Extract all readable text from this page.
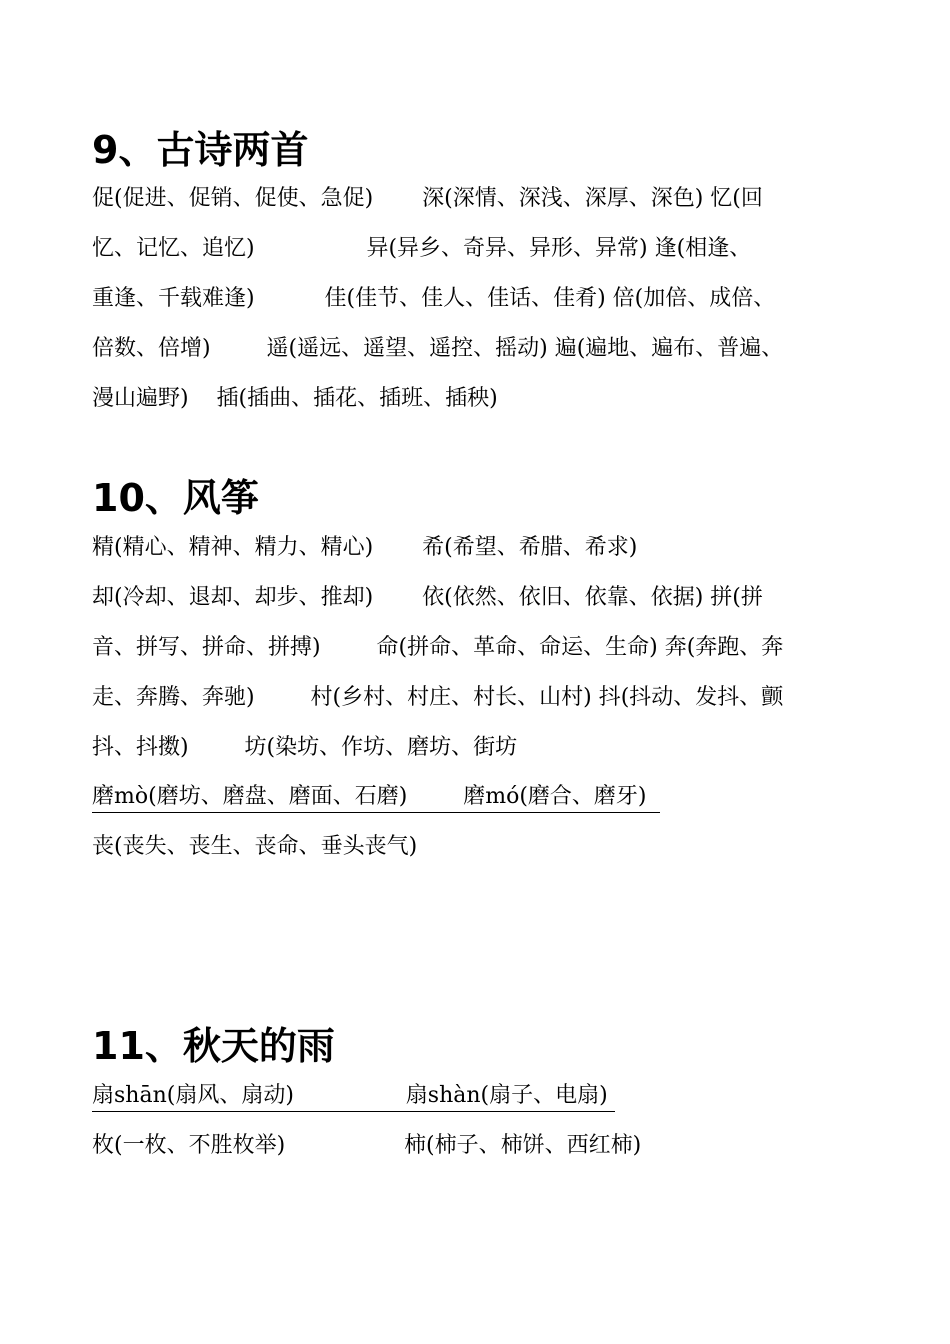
9、古诗两首

促(促进、促销、促使、急促)       深(深情、深浅、深厚、深色) 忆(回

忆、记忆、追忆)                异(异乡、奇异、异形、异常) 逢(相逢、

重逢、千载难逢)          佳(佳节、佳人、佳话、佳肴) 倍(加倍、成倍、

倍数、倍增)        遥(遥远、遥望、遥控、摇动) 遍(遍地、遍布、普遍、

漫山遍野)    插(插曲、插花、插班、插秧)

10、风筝

精(精心、精神、精力、精心)       希(希望、希腊、希求)

却(冷却、退却、却步、推却)       依(依然、依旧、依靠、依据) 拼(拼

音、拼写、拼命、拼搏)        命(拼命、革命、命运、生命) 奔(奔跑、奔

走、奔腾、奔驰)        村(乡村、村庄、村长、山村) 抖(抖动、发抖、颤

抖、抖擞)        坊(染坊、作坊、磨坊、街坊

磨mò(磨坊、磨盘、磨面、石磨)        磨mó(磨合、磨牙)

丧(丧失、丧生、丧命、垂头丧气)

11、秋天的雨

扇shān(扇风、扇动)                扇shàn(扇子、电扇)

枚(一枚、不胜枚举)                 柿(柿子、柿饼、西红柿)
